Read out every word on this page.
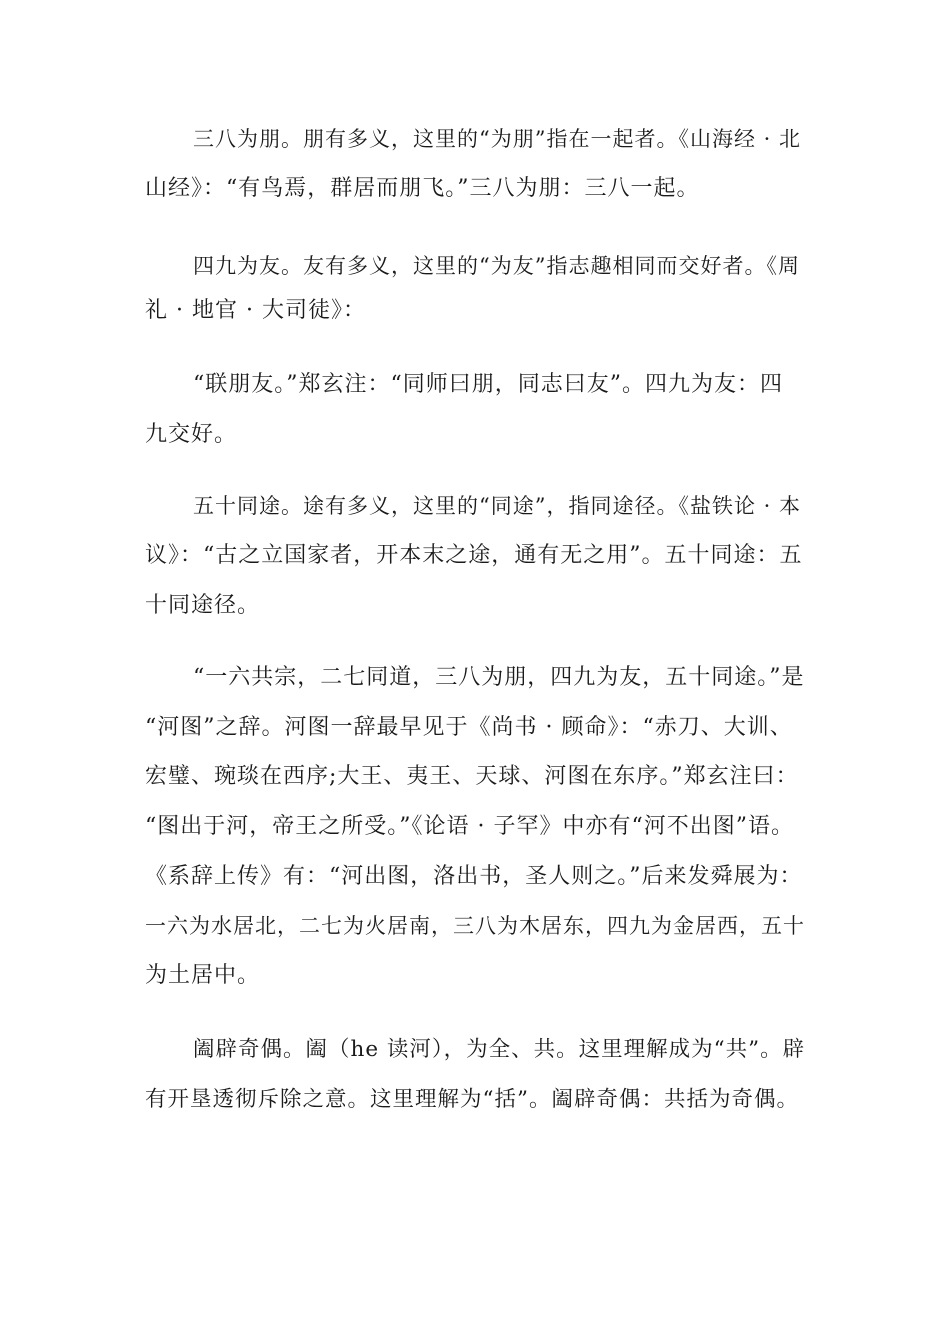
三八为朋。朋有多义，这里的“为朋”指在一起者。《山海经 · 北

山经》：“有鸟焉，群居而朋飞。”三八为朋：三八一起。

四九为友。友有多义，这里的“为友”指志趣相同而交好者。《周

礼 · 地官 · 大司徒》：

“联朋友。”郑玄注：“同师曰朋，同志曰友”。四九为友：四

九交好。

五十同途。途有多义，这里的“同途”，指同途径。《盐铁论 · 本

议》：“古之立国家者，开本末之途，通有无之用”。五十同途：五

十同途径。

“一六共宗，二七同道，三八为朋，四九为友，五十同途。”是

“河图”之辞。河图一辞最早见于《尚书 · 顾命》：“赤刀、大训、

宏璧、琬琰在西序;大王、夷王、天球、河图在东序。”郑玄注曰：

“图出于河，帝王之所受。”《论语 · 子罕》中亦有“河不出图”语。

《系辞上传》有：“河出图，洛出书，圣人则之。”后来发舜展为：

一六为水居北，二七为火居南，三八为木居东，四九为金居西，五十

为土居中。

阖辟奇偶。阖（he 读河），为全、共。这里理解成为“共”。辟

有开垦透彻斥除之意。这里理解为“括”。阖辟奇偶：共括为奇偶。
